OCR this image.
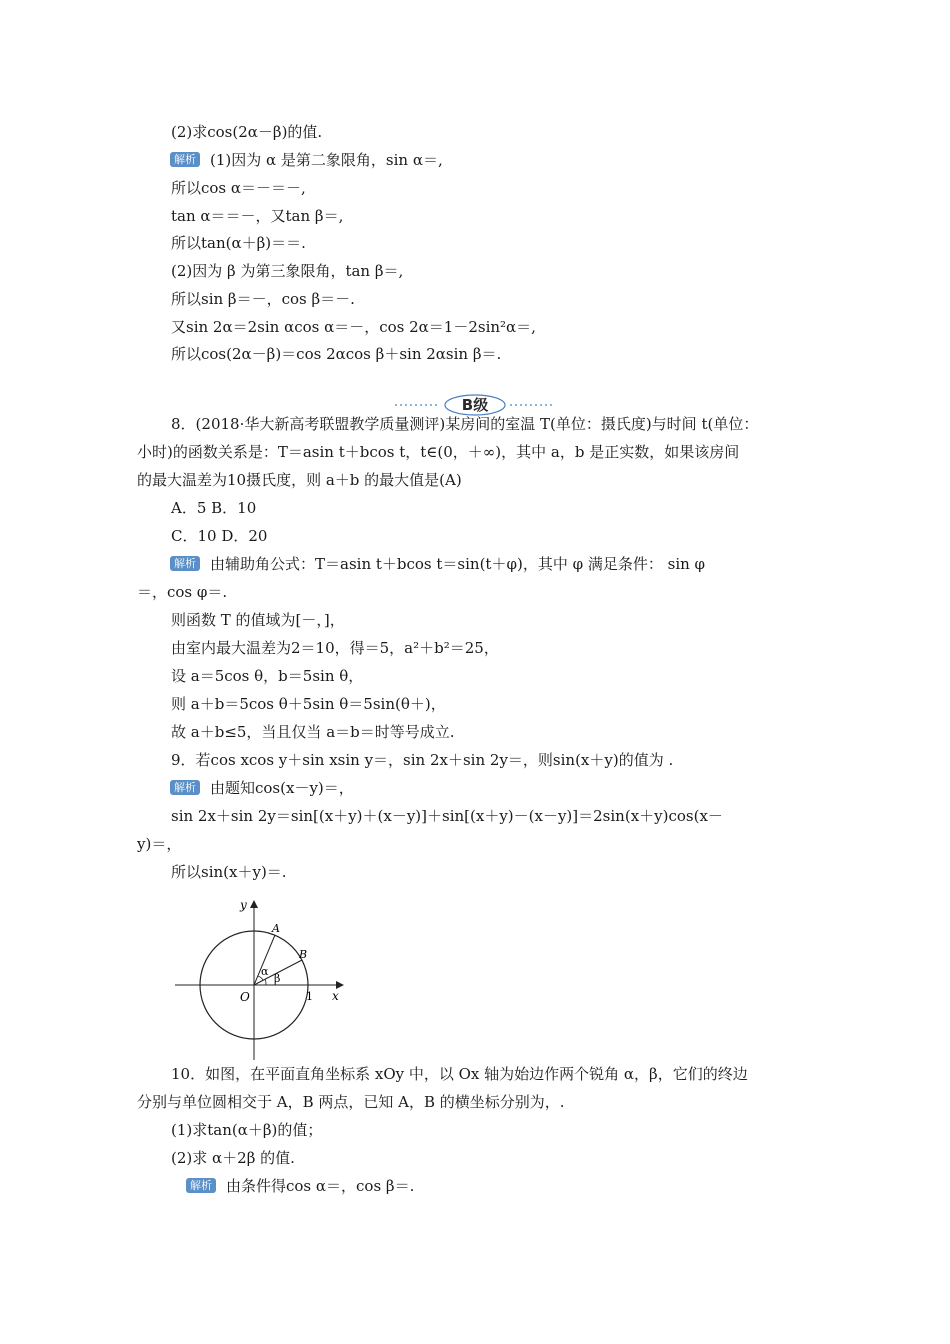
(2)求cos(2α－β)的值.
解析 (1)因为 α 是第二象限角，sin α＝,
所以cos α＝－＝－,
tan α＝＝－，又tan β＝,
所以tan(α＋β)＝＝.
(2)因为 β 为第三象限角，tan β＝,
所以sin β＝－，cos β＝－.
又sin 2α＝2sin αcos α＝－，cos 2α＝1－2sin²α＝,
所以cos(2α－β)＝cos 2αcos β＋sin 2αsin β＝.
B级
8．(2018·华大新高考联盟教学质量测评)某房间的室温 T(单位：摄氏度)与时间 t(单位：
小时)的函数关系是：T＝asin t＋bcos t，t∈(0，＋∞)，其中 a，b 是正实数，如果该房间
的最大温差为10摄氏度，则 a＋b 的最大值是(A)
A．5 B．10
C．10 D．20
解析 由辅助角公式：T＝asin t＋bcos t＝sin(t＋φ)，其中 φ 满足条件： sin φ
＝，cos φ＝.
则函数 T 的值域为[－，]，
由室内最大温差为2＝10，得＝5，a²＋b²＝25，
设 a＝5cos θ，b＝5sin θ，
则 a＋b＝5cos θ＋5sin θ＝5sin(θ＋)，
故 a＋b≤5，当且仅当 a＝b＝时等号成立.
9．若cos xcos y＋sin xsin y＝，sin 2x＋sin 2y＝，则sin(x＋y)的值为 .
解析 由题知cos(x－y)＝，
sin 2x＋sin 2y＝sin[(x＋y)＋(x－y)]＋sin[(x＋y)－(x－y)]＝2sin(x＋y)cos(x－
y)＝，
所以sin(x＋y)＝.
y
x
O	1
A
B
α
β
10．如图，在平面直角坐标系 xOy 中，以 Ox 轴为始边作两个锐角 α，β，它们的终边
分别与单位圆相交于 A，B 两点，已知 A，B 的横坐标分别为，.
(1)求tan(α＋β)的值；
(2)求 α＋2β 的值.
解析 由条件得cos α＝，cos β＝.
